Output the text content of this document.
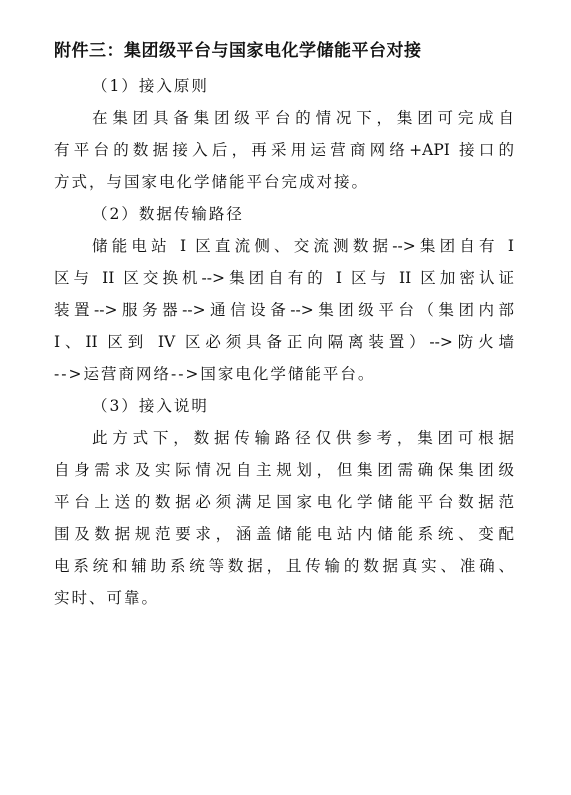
附件三：集团级平台与国家电化学储能平台对接
（1）接入原则
在集团具备集团级平台的情况下，集团可完成自
有平台的数据接入后，再采用运营商网络+API 接口的
方式，与国家电化学储能平台完成对接。
（2）数据传输路径
储能电站 I 区直流侧、交流测数据-->集团自有 I
区与 II 区交换机-->集团自有的 I 区与 II 区加密认证
装置-->服务器-->通信设备-->集团级平台（集团内部
I、II 区到 IV 区必须具备正向隔离装置）-->防火墙
-->运营商网络-->国家电化学储能平台。
（3）接入说明
此方式下，数据传输路径仅供参考，集团可根据
自身需求及实际情况自主规划，但集团需确保集团级
平台上送的数据必须满足国家电化学储能平台数据范
围及数据规范要求，涵盖储能电站内储能系统、变配
电系统和辅助系统等数据，且传输的数据真实、准确、
实时、可靠。
